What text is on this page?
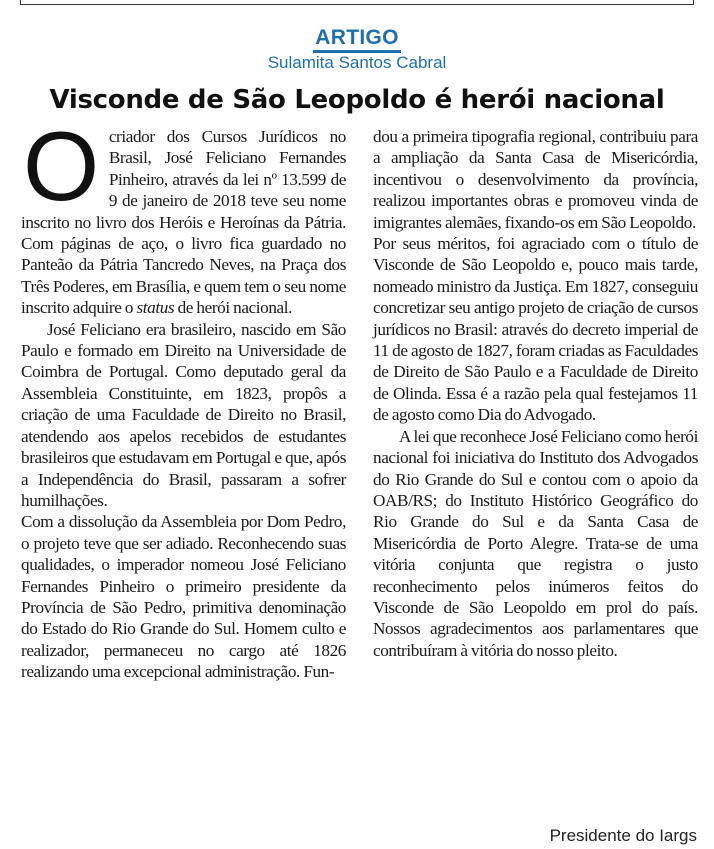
ARTIGO
Sulamita Santos Cabral
Visconde de São Leopoldo é herói nacional

Ocriador dos Cursos Jurídicos no Brasil, José Feliciano Fernandes Pinheiro, através da lei nº 13.599 de 9 de janeiro de 2018 teve seu nome inscrito no livro dos Heróis e Heroínas da Pátria. Com páginas de aço, o livro fica guardado no Panteão da Pátria Tancredo Neves, na Praça dos Três Poderes, em Brasília, e quem tem o seu nome inscrito adquire o status de herói nacional.

José Feliciano era brasileiro, nascido em São Paulo e formado em Direito na Universidade de Coimbra de Portugal. Como deputado geral da Assembleia Constituinte, em 1823, propôs a criação de uma Faculdade de Direito no Brasil, atendendo aos apelos recebidos de estudantes brasileiros que estudavam em Portugal e que, após a Independência do Brasil, passaram a sofrer humilhações.

Com a dissolução da Assembleia por Dom Pedro, o projeto teve que ser adiado. Reconhecendo suas qualidades, o imperador nomeou José Feliciano Fernandes Pinheiro o primeiro presidente da Província de São Pedro, primitiva denominação do Estado do Rio Grande do Sul. Homem culto e realizador, permaneceu no cargo até 1826 realizando uma excepcional administração. Fun-

dou a primeira tipografia regional, contribuiu para a ampliação da Santa Casa de Misericórdia, incentivou o desenvolvimento da província, realizou importantes obras e promoveu vinda de imigrantes alemães, fixando-os em São Leopoldo.

Por seus méritos, foi agraciado com o título de Visconde de São Leopoldo e, pouco mais tarde, nomeado ministro da Justiça. Em 1827, conseguiu concretizar seu antigo projeto de criação de cursos jurídicos no Brasil: através do decreto imperial de 11 de agosto de 1827, foram criadas as Faculdades de Direito de São Paulo e a Faculdade de Direito de Olinda. Essa é a razão pela qual festejamos 11 de agosto como Dia do Advogado.

A lei que reconhece José Feliciano como herói nacional foi iniciativa do Instituto dos Advogados do Rio Grande do Sul e contou com o apoio da OAB/RS; do Instituto Histórico Geográfico do Rio Grande do Sul e da Santa Casa de Misericórdia de Porto Alegre. Trata-se de uma vitória conjunta que registra o justo reconhecimento pelos inúmeros feitos do Visconde de São Leopoldo em prol do país. Nossos agradecimentos aos parlamentares que contribuíram à vitória do nosso pleito.

Presidente do Iargs
